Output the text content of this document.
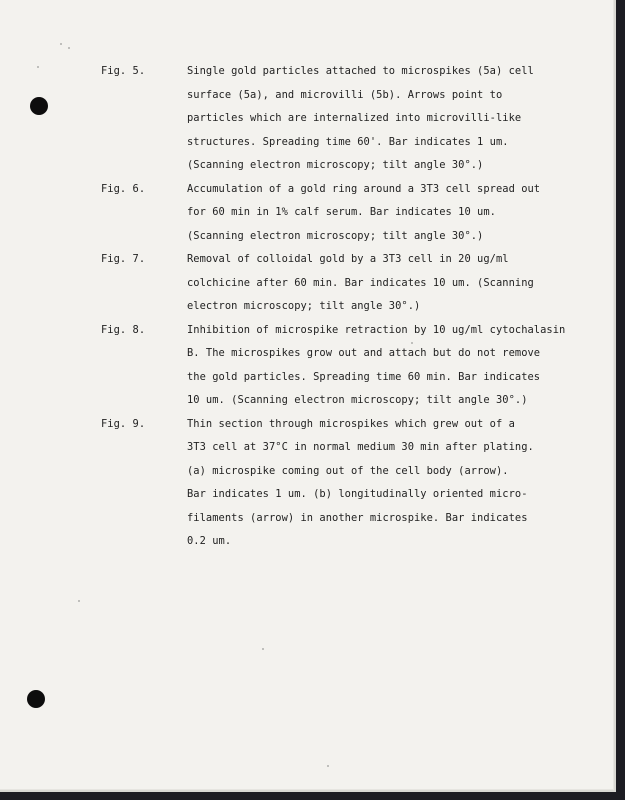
Fig. 5.	Single gold particles attached to microspikes (5a) cell
surface (5a), and microvilli (5b). Arrows point to
particles which are internalized into microvilli-like
structures. Spreading time 60'. Bar indicates 1 um.
(Scanning electron microscopy; tilt angle 30°.)

Fig. 6.	Accumulation of a gold ring around a 3T3 cell spread out
for 60 min in 1% calf serum. Bar indicates 10 um.
(Scanning electron microscopy; tilt angle 30°.)

Fig. 7.	Removal of colloidal gold by a 3T3 cell in 20 ug/ml
colchicine after 60 min. Bar indicates 10 um. (Scanning
electron microscopy; tilt angle 30°.)

Fig. 8.	Inhibition of microspike retraction by 10 ug/ml cytochalasin
B. The microspikes grow out and attach but do not remove
the gold particles. Spreading time 60 min. Bar indicates
10 um. (Scanning electron microscopy; tilt angle 30°.)

Fig. 9.	Thin section through microspikes which grew out of a
3T3 cell at 37°C in normal medium 30 min after plating.
(a) microspike coming out of the cell body (arrow).
Bar indicates 1 um. (b) longitudinally oriented micro-
filaments (arrow) in another microspike. Bar indicates
0.2 um.
